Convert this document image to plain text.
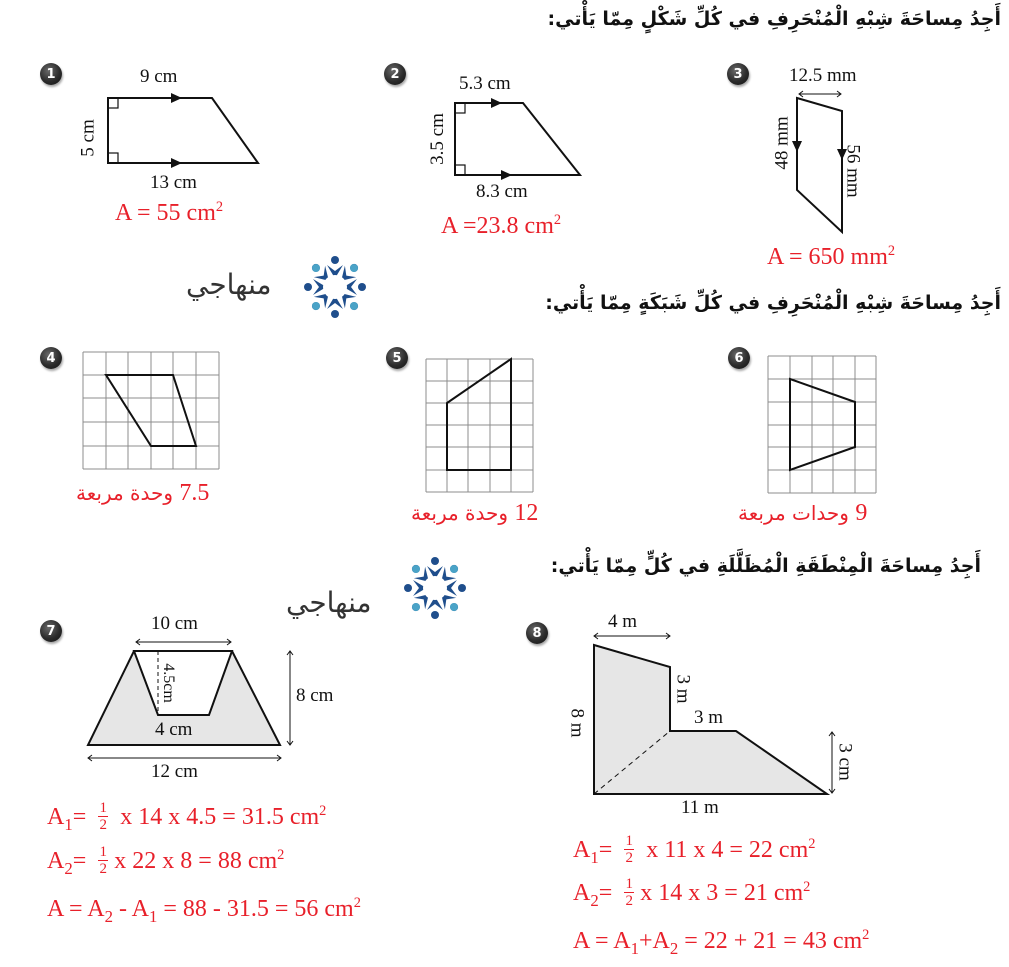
أَجِدُ مِساحَةَ شِبْهِ الْمُنْحَرِفِ في كُلِّ شَكْلٍ مِمّا يَأْتي:
1	9 cm
5 cm
13 cm
A = 55 $cm^2$
2	5.3 cm
3.5 cm
8.3 cm
A =23.8 $cm^2$
3	12.5 mm
48 mm
56 mm
A = 650 $mm^2$
منهاجي
أَجِدُ مِساحَةَ شِبْهِ الْمُنْحَرِفِ في كُلِّ شَبَكَةٍ مِمّا يَأْتي:
4
7.5 وحدة مربعة
5
12 وحدة مربعة
6
9 وحدات مربعة
منهاجي
أَجِدُ مِساحَةَ الْمِنْطَقَةِ الْمُظَلَّلَةِ في كُلٍّ مِمّا يَأْتي:
7	10 cm
4.5cm
4 cm
8 cm
12 cm
$A_1= \frac{1}{2}$ x 14 x 4.5 = 31.5 $cm^2$
$A_2= \frac{1}{2}$ x 22 x 8 = 88 $cm^2$
$A = A_2 - A_1 = 88 - 31.5 = 56$ $cm^2$
8
4 m
3 m
3 m
8 m
3 cm
11 m
$A_1= \frac{1}{2}$ x 11 x 4 = 22 $cm^2$
$A_2= \frac{1}{2}$ x 14 x 3 = 21 $cm^2$
$A = A_1+A_2 = 22 + 21 = 43$ $cm^2$
